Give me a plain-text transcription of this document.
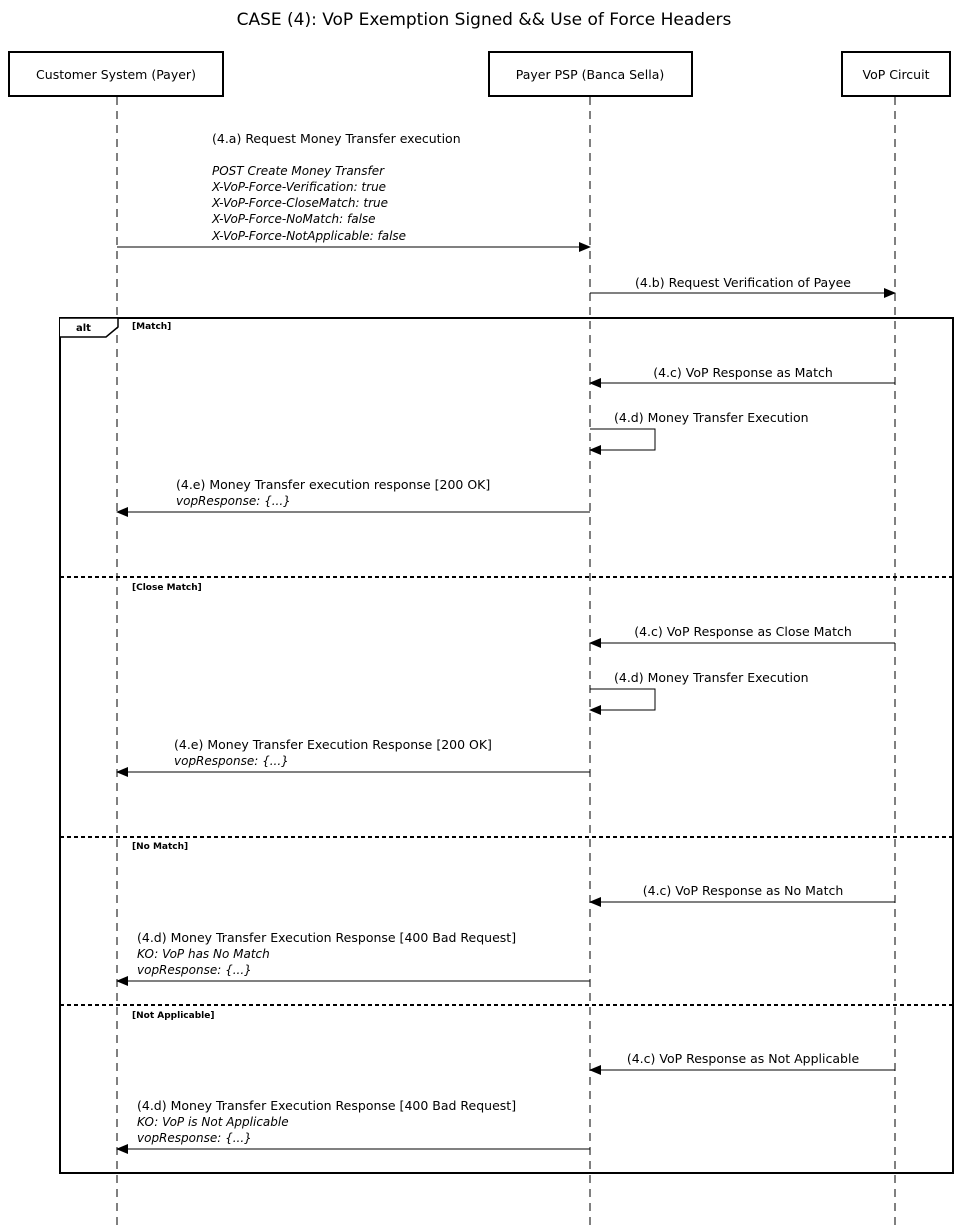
CASE (4): VoP Exemption Signed && Use of Force Headers
Customer System (Payer)	Payer PSP (Banca Sella)	VoP Circuit
(4.a) Request Money Transfer execution
POST Create Money Transfer
X-VoP-Force-Verification: true
X-VoP-Force-CloseMatch: true
X-VoP-Force-NoMatch: false
X-VoP-Force-NotApplicable: false
(4.b) Request Verification of Payee
alt	[Match]
(4.c) VoP Response as Match
(4.d) Money Transfer Execution
(4.e) Money Transfer execution response [200 OK]
vopResponse: {...}
[Close Match]
(4.c) VoP Response as Close Match
(4.d) Money Transfer Execution
(4.e) Money Transfer Execution Response [200 OK]
vopResponse: {...}
[No Match]
(4.c) VoP Response as No Match
(4.d) Money Transfer Execution Response [400 Bad Request]
KO: VoP has No Match
vopResponse: {...}
[Not Applicable]
(4.c) VoP Response as Not Applicable
(4.d) Money Transfer Execution Response [400 Bad Request]
KO: VoP is Not Applicable
vopResponse: {...}
